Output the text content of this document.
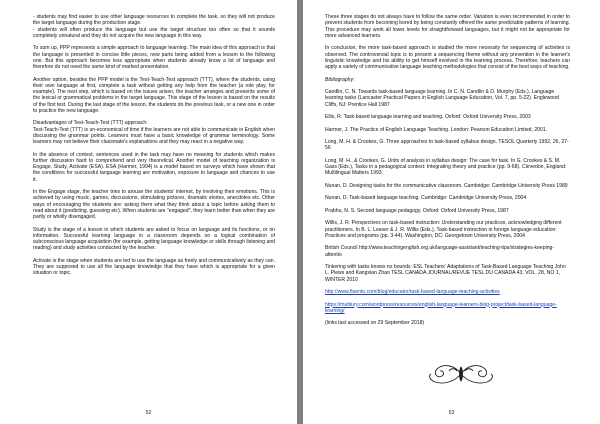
- students may find easier to use other language resources to complete the task, so they will not produce the target language during the production stage.

- students will often produce the language but use the target structure too often so that it sounds completely unnatural and they do not acquire the new language in this way.

To sum up, PPP represents a simple approach to language learning. The main idea of this approach is that the language is presented in concise little pieces, new parts being added from a lesson to the following one. But this approach becomes less appropriate when students already know a lot of language and therefore do not need the same kind of marked presentation.

Another option, besides the PPP model is the Test-Teach-Test approach (TTT), where the students, using their own language at first, complete a task without getting any help from the teacher (a role play, for example). The next step, which is based on the issues arisen, the teacher arranges and presents some of the lexical or grammatical problems in the target language. This stage of the lesson is based on the results of the first test. During the last stage of the lesson, the students do the previous task, or a new one in order to practice the new language.

Disadvantages of Test-Teach-Test (TTT) approach:

Test-Teach-Test (TTT) is un-economical of time if the learners are not able to communicate in English when discussing the grammar points. Learners must have a basic knowledge of grammar terminology. Some learners may not believe their classmate's explanations and they may react in a negative way.

In the absence of context, sentences used in the task may have no meaning for students which makes further discussion hard to comprehend and very theoretical. Another model of teaching organization is Engage, Study, Activate (ESA). ESA (Harmer, 1994) is a model based on surveys which have shown that the conditions for successful language learning are motivation, exposure to language and chances to use it.

In the Engage stage, the teacher tries to arouse the students' interest, by involving their emotions. This is achieved by using music, games, discussions, stimulating pictures, dramatic stories, anecdotes etc. Other ways of encouraging the students are: asking them what they think about a topic before asking them to read about it (predicting, guessing etc). When students are "engaged", they learn better than when they are partly or wholly disengaged.

Study is the stage of a lesson in which students are asked to focus on language and its functions, or on information. Successful learning language in a classroom depends on a logical combination of subconscious language acquisition (for example, getting language knowledge or skills through listening and reading) and study activities conducted by the teacher.

Activate is the stage when students are led to use the language as freely and communicatively as they can. They are supposed to use all the language knowledge that they have which is appropriate for a given situation or topic.

52

These three stages do not always have to follow the same order. Variation is even recommended in order to prevent students from becoming bored by being constantly offered the same predictable patterns of learning. This procedure may work all lower levels for straightforward languages, but it might not be appropriate for more advanced learners.

In conclusion, the more task-based approach is studied the more necessity for sequencing of activities is observed. The controversial topic is to present a sequencing theme without any prevention in the learner's linguistic knowledge and his ability to get himself involved in the learning process. Therefore, teachers can apply a variety of communicative language teaching methodologies that consist of the best ways of teaching.

Bibliography:

Candlin, C. N. Towards task-based language learning. In C. N. Candlin & D. Murphy (Eds.), Language learning tasks (Lancaster Practical Papers in English Language Education, Vol. 7, pp. 5-22). Englewood Cliffs, NJ: Prentice Hall 1987

Ellis, R. Task-based language learning and teaching. Oxford: Oxford University Press, 2003

Harmer, J. The Practice of English Language Teaching. London: Pearson Education Limited, 2001.

Long, M. H. & Crookes, G. Three approaches to task-based syllabus design. TESOL Quarterly 1992, 26, 27-56

Long, M. H., & Crookes, G. Units of analysis in syllabus design: The case for task. In G. Crookes & S. M. Gass (Eds.), Tasks in a pedagogical context: Integrating theory and practice (pp. 9-68). Clevedon, England: Multilingual Matters 1993.

Nunan, D. Designing tasks for the communicative classroom. Cambridge: Cambridge University Press 1989

Nunan, D. Task-based language teaching. Cambridge: Cambridge University Press, 2004

Prabhu, N. S. Second language pedagogy. Oxford: Oxford University Press, 1987

Willis, J. R. Perspectives on task-based instruction: Understanding our practices, acknowledging different practitioners. In B. L. Leaver & J. R. Willis (Eds.), Task-based instruction in foreign language education: Practices and programs (pp. 3-44). Washington, DC: Georgetown University Press, 2004

British Council http://www.teachingenglish.org.uk/language-assistant/teaching-tips/strategies-keeping-attentio

Tinkering with tasks knows no bounds: ESL Teachers' Adaptations of Task-Based Language Teaching John L. Plews and Kangxian Zhao TESL CANADA JOURNAL/REVUE TESL DU CANADA 43, VOL. 28, NO 1, WINTER 2010

http://www.fluentu.com/blog/educator/task-based-language-teaching-activities

https://multiury.com/wordpress/resources/english-language-learners-blog-project/task-based-language-learning/

(links last accessed on 29 September 2018)

53
